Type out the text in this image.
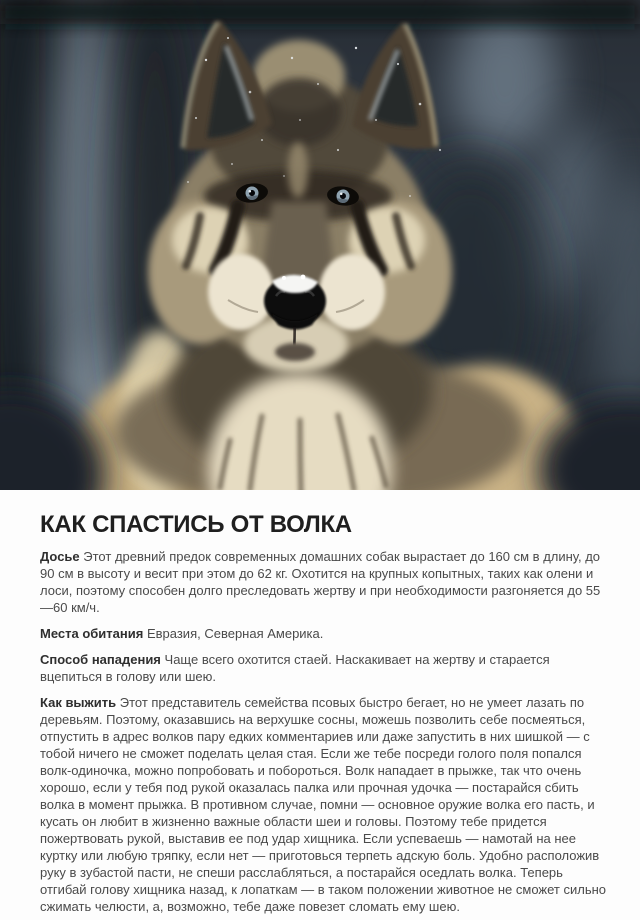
КАК СПАСТИСЬ ОТ ВОЛКА

Досье Этот древний предок современных домашних собак вырастает до 160 см в длину, до 90 см в высоту и весит при этом до 62 кг. Охотится на крупных копытных, таких как олени и лоси, поэтому способен долго преследовать жертву и при необходимости разгоняется до 55—60 км/ч.

Места обитания Евразия, Северная Америка.

Способ нападения Чаще всего охотится стаей. Наскакивает на жертву и старается вцепиться в голову или шею.

Как выжить Этот представитель семейства псовых быстро бегает, но не умеет лазать по деревьям. Поэтому, оказавшись на верхушке сосны, можешь позволить себе посмеяться, отпустить в адрес волков пару едких комментариев или даже запустить в них шишкой — с тобой ничего не сможет поделать целая стая. Если же тебе посреди голого поля попался волк-одиночка, можно попробовать и побороться. Волк нападает в прыжке, так что очень хорошо, если у тебя под рукой оказалась палка или прочная удочка — постарайся сбить волка в момент прыжка. В противном случае, помни — основное оружие волка его пасть, и кусать он любит в жизненно важные области шеи и головы. Поэтому тебе придется пожертвовать рукой, выставив ее под удар хищника. Если успеваешь — намотай на нее куртку или любую тряпку, если нет — приготовься терпеть адскую боль. Удобно расположив руку в зубастой пасти, не спеши расслабляться, а постарайся оседлать волка. Теперь отгибай голову хищника назад, к лопаткам — в таком положении животное не сможет сильно сжимать челюсти, а, возможно, тебе даже повезет сломать ему шею.
